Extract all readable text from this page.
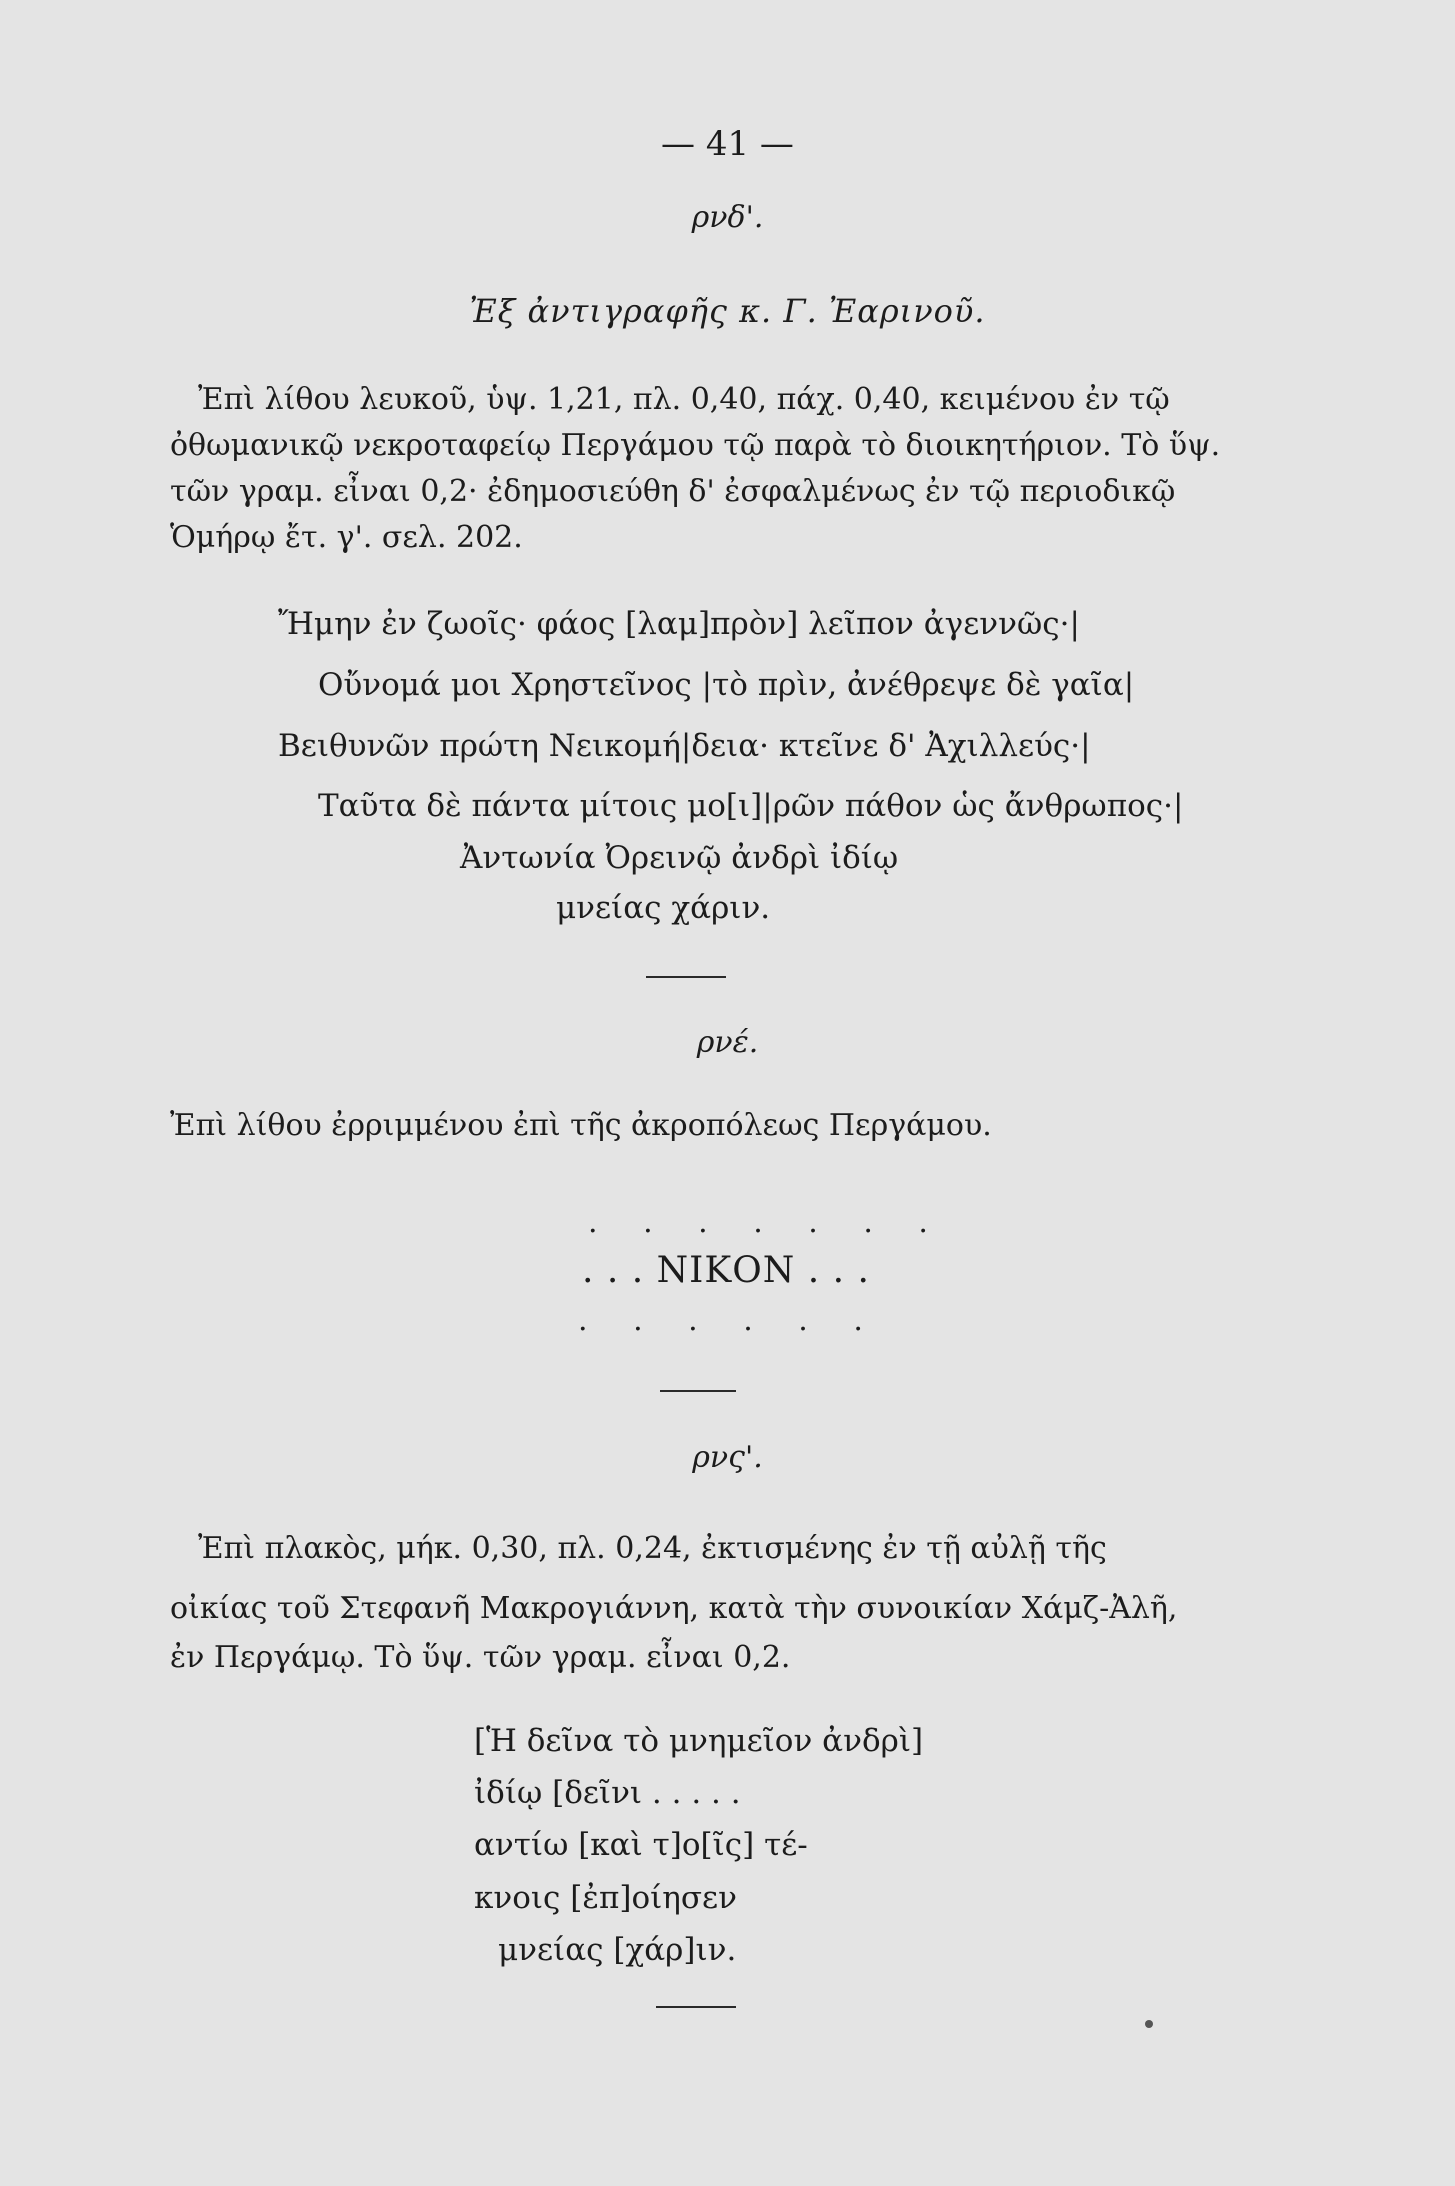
— 41 —
ρνδ'.
Ἐξ ἀντιγραφῆς κ. Γ. Ἐαρινοῦ.
Ἐπὶ λίθου λευκοῦ, ὑψ. 1,21, πλ. 0,40, πάχ. 0,40, κειμένου ἐν τῷ
ὀθωμανικῷ νεκροταφείῳ Περγάμου τῷ παρὰ τὸ διοικητήριον. Τὸ ὕψ.
τῶν γραμ. εἶναι 0,2· ἐδημοσιεύθη δ' ἐσφαλμένως ἐν τῷ περιοδικῷ
Ὁμήρῳ ἔτ. γ'. σελ. 202.
Ἤμην ἐν ζωοῖς· φάος [λαμ]πρὸν] λεῖπον ἀγεννῶς·|
Οὔνομά μοι Χρηστεῖνος |τὸ πρὶν, ἀνέθρεψε δὲ γαῖα|
Βειθυνῶν πρώτη Νεικομή|δεια· κτεῖνε δ' Ἀχιλλεύς·|
Ταῦτα δὲ πάντα μίτοις μο[ι]|ρῶν πάθον ὡς ἄνθρωπος·|
Ἀντωνία Ὀρεινῷ ἀνδρὶ ἰδίῳ
μνείας χάριν.
ρνέ.
Ἐπὶ λίθου ἐρριμμένου ἐπὶ τῆς ἀκροπόλεως Περγάμου.
. . . . . . .
. . . ΝΙΚΟΝ . . .
. . . . . .
ρνς'.
Ἐπὶ πλακὸς, μήκ. 0,30, πλ. 0,24, ἐκτισμένης ἐν τῇ αὐλῇ τῆς
οἰκίας τοῦ Στεφανῆ Μακρογιάννη, κατὰ τὴν συνοικίαν Χάμζ-Ἀλῆ,
ἐν Περγάμῳ. Τὸ ὕψ. τῶν γραμ. εἶναι 0,2.
[Ἡ δεῖνα τὸ μνημεῖον ἀνδρὶ]
ἰδίῳ [δεῖνι . . . . .
αντίω [καὶ τ]ο[ῖς] τέ-
κνοις [ἐπ]οίησεν
μνείας [χάρ]ιν.
